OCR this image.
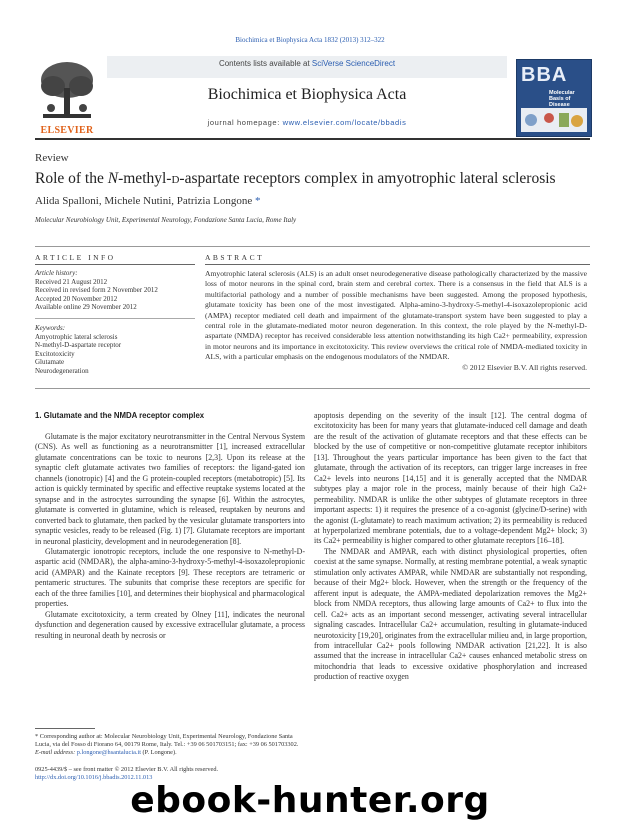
Biochimica et Biophysica Acta 1832 (2013) 312–322
ELSEVIER
Contents lists available at SciVerse ScienceDirect
Biochimica et Biophysica Acta
journal homepage: www.elsevier.com/locate/bbadis
BBA
Molecular Basis of Disease
Review
Role of the N-methyl-d-aspartate receptors complex in amyotrophic lateral sclerosis
Alida Spalloni, Michele Nutini, Patrizia Longone *
Molecular Neurobiology Unit, Experimental Neurology, Fondazione Santa Lucia, Rome Italy
ARTICLE INFO	ABSTRACT
Article history:
Received 21 August 2012
Received in revised form 2 November 2012
Accepted 20 November 2012
Available online 29 November 2012
Keywords:
Amyotrophic lateral sclerosis
N-methyl-D-aspartate receptor
Excitotoxicity
Glutamate
Neurodegeneration
Amyotrophic lateral sclerosis (ALS) is an adult onset neurodegenerative disease pathologically characterized by the massive loss of motor neurons in the spinal cord, brain stem and cerebral cortex. There is a consensus in the field that ALS is a multifactorial pathology and a number of possible mechanisms have been suggested. Among the proposed hypothesis, glutamate toxicity has been one of the most investigated. Alpha-amino-3-hydroxy-5-methyl-4-isoxazolepropionic acid (AMPA) receptor mediated cell death and impairment of the glutamate-transport system have been suggested to play a central role in the glutamate-mediated motor neuron degeneration. In this context, the role played by the N-methyl-D-aspartate (NMDA) receptor has received considerable less attention notwithstanding its high Ca2+ permeability, expression in motor neurons and its importance in excitotoxicity. This review overviews the critical role of NMDA-mediated toxicity in ALS, with a particular emphasis on the endogenous modulators of the NMDAR.
© 2012 Elsevier B.V. All rights reserved.
1. Glutamate and the NMDA receptor complex

Glutamate is the major excitatory neurotransmitter in the Central Nervous System (CNS). As well as functioning as a neurotransmitter [1], increased extracellular glutamate concentrations can be toxic to neurons [2,3]. Upon its release at the synaptic cleft glutamate activates two families of receptors: the ligand-gated ion channels (ionotropic) [4] and the G protein-coupled receptors (metabotropic) [5]. Its action is quickly terminated by specific and effective reuptake systems located at the synapse and in the astrocytes surrounding the synapse [6]. Within the astrocytes, glutamate is converted in glutamine, which is released, reuptaken by neurons and converted back to glutamate, then packed by the vesicular glutamate transporters into synaptic vesicles, ready to be released (Fig. 1) [7]. Glutamate receptors are important in neuronal plasticity, development and in neurodegeneration [8].

Glutamatergic ionotropic receptors, include the one responsive to N-methyl-D-aspartic acid (NMDAR), the alpha-amino-3-hydroxy-5-methyl-4-isoxazolepropionic acid (AMPAR) and the Kainate receptors [9]. These receptors are tetrameric or pentameric structures. The subunits that comprise these receptors are specific for each of the three families [10], and determines their biophysical and pharmacological properties.

Glutamate excitotoxicity, a term created by Olney [11], indicates the neuronal dysfunction and degeneration caused by excessive extracellular glutamate, a process resulting in neuronal death by necrosis or

apoptosis depending on the severity of the insult [12]. The central dogma of excitotoxicity has been for many years that glutamate-induced cell damage and death are the result of the activation of glutamate receptors and that these effects can be blocked by the use of competitive or non-competitive glutamate receptor inhibitors [13]. Throughout the years particular importance has been given to the fact that glutamate, through the activation of its receptors, can trigger large increases in free Ca2+ levels into neurons [14,15] and it is generally accepted that the NMDAR subtypes play a major role in the process, mainly because of their high Ca2+ permeability. NMDAR is unlike the other subtypes of glutamate receptors in three important aspects: 1) it requires the presence of a co-agonist (glycine/D-serine) with the agonist (L-glutamate) to reach maximum activation; 2) its permeability is reduced at hyperpolarized membrane potentials, due to a voltage-dependent Mg2+ block; 3) its Ca2+ permeability is higher compared to other glutamate receptors [16–18].

The NMDAR and AMPAR, each with distinct physiological properties, often coexist at the same synapse. Normally, at resting membrane potential, a weak synaptic stimulation only activates AMPAR, while NMDAR are substantially not responding, because of their Mg2+ block. However, when the strength or the frequency of the afferent input is adequate, the AMPA-mediated depolarization removes the Mg2+ block from NMDA receptors, thus allowing large amounts of Ca2+ to flux into the cell. Ca2+ acts as an important second messenger, activating several intracellular signaling cascades. Intracellular Ca2+ accumulation, resulting in glutamate-induced neurotoxicity [19,20], originates from the extracellular milieu and, in large proportion, from intracellular Ca2+ pools following NMDAR activation [21,22]. It is also assumed that the increase in intracellular Ca2+ causes enhanced metabolic stress on mitochondria that leads to excessive oxidative phosphorylation and increased production of reactive oxygen

* Corresponding author at: Molecular Neurobiology Unit, Experimental Neurology, Fondazione Santa Lucia, via del Fosso di Fiorano 64, 00179 Rome, Italy. Tel.: +39 06 501703151; fax: +39 06 501703302.
E-mail address: p.longone@hsantalucia.it (P. Longone).
0925-4439/$ – see front matter © 2012 Elsevier B.V. All rights reserved.
http://dx.doi.org/10.1016/j.bbadis.2012.11.013
ebook-hunter.org
